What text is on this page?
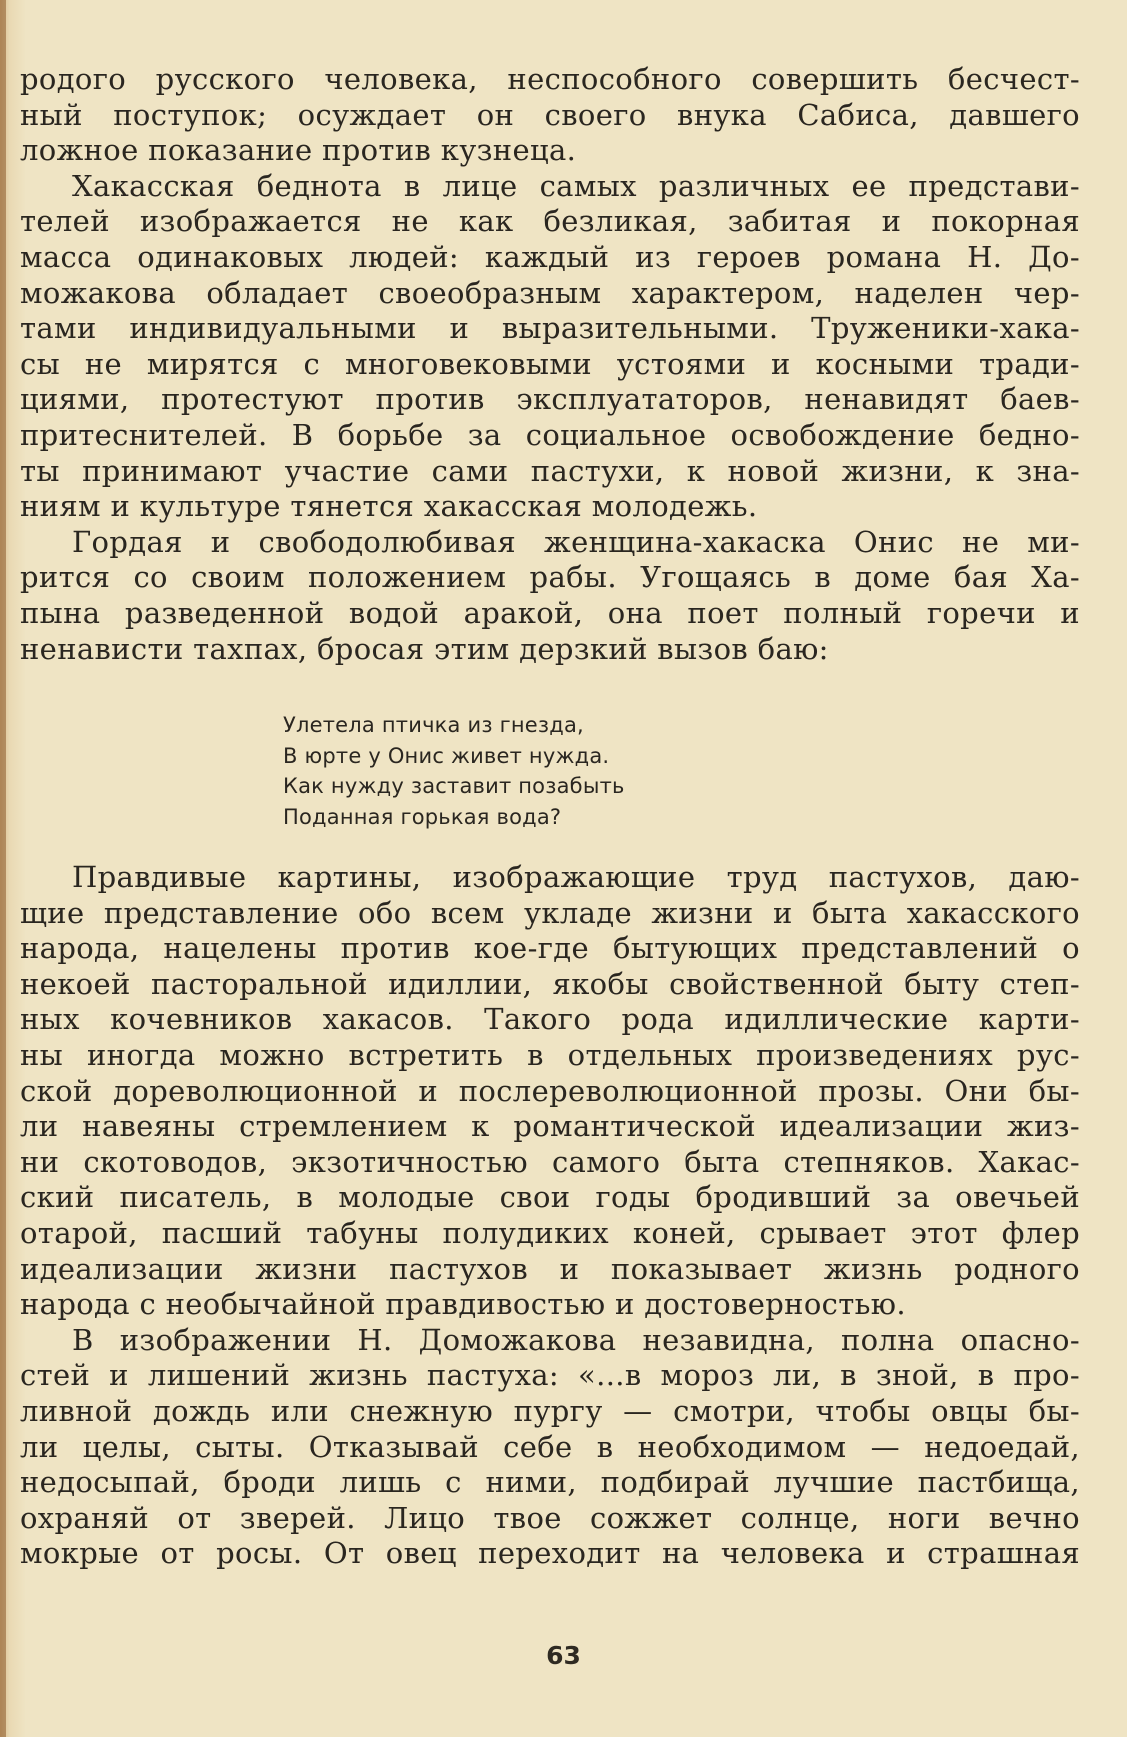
родого русского человека, неспособного совершить бесчест-
ный поступок; осуждает он своего внука Сабиса, давшего
ложное показание против кузнеца.
Хакасская беднота в лице самых различных ее представи-
телей изображается не как безликая, забитая и покорная
масса одинаковых людей: каждый из героев романа Н. До-
можакова обладает своеобразным характером, наделен чер-
тами индивидуальными и выразительными. Труженики-хака-
сы не мирятся с многовековыми устоями и косными тради-
циями, протестуют против эксплуататоров, ненавидят баев-
притеснителей. В борьбе за социальное освобождение бедно-
ты принимают участие сами пастухи, к новой жизни, к зна-
ниям и культуре тянется хакасская молодежь.
Гордая и свободолюбивая женщина-хакаска Онис не ми-
рится со своим положением рабы. Угощаясь в доме бая Ха-
пына разведенной водой аракой, она поет полный горечи и
ненависти тахпах, бросая этим дерзкий вызов баю:
Улетела птичка из гнезда,
В юрте у Онис живет нужда.
Как нужду заставит позабыть
Поданная горькая вода?
Правдивые картины, изображающие труд пастухов, даю-
щие представление обо всем укладе жизни и быта хакасского
народа, нацелены против кое-где бытующих представлений о
некоей пасторальной идиллии, якобы свойственной быту степ-
ных кочевников хакасов. Такого рода идиллические карти-
ны иногда можно встретить в отдельных произведениях рус-
ской дореволюционной и послереволюционной прозы. Они бы-
ли навеяны стремлением к романтической идеализации жиз-
ни скотоводов, экзотичностью самого быта степняков. Хакас-
ский писатель, в молодые свои годы бродивший за овечьей
отарой, пасший табуны полудиких коней, срывает этот флер
идеализации жизни пастухов и показывает жизнь родного
народа с необычайной правдивостью и достоверностью.
В изображении Н. Доможакова незавидна, полна опасно-
стей и лишений жизнь пастуха: «...в мороз ли, в зной, в про-
ливной дождь или снежную пургу — смотри, чтобы овцы бы-
ли целы, сыты. Отказывай себе в необходимом — недоедай,
недосыпай, броди лишь с ними, подбирай лучшие пастбища,
охраняй от зверей. Лицо твое сожжет солнце, ноги вечно
мокрые от росы. От овец переходит на человека и страшная
63
